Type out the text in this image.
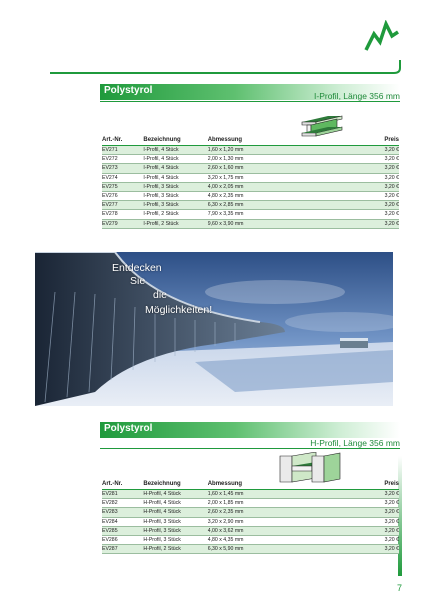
Polystyrol	I-Profil, Länge 356 mm
Art.-Nr.	Bezeichnung	Abmessung	Preis
EV271	I-Profil, 4 Stück	1,60 x 1,20 mm	3,20 €
EV272	I-Profil, 4 Stück	2,00 x 1,30 mm	3,20 €
EV273	I-Profil, 4 Stück	2,60 x 1,60 mm	3,20 €
EV274	I-Profil, 4 Stück	3,20 x 1,75 mm	3,20 €
EV275	I-Profil, 3 Stück	4,00 x 2,05 mm	3,20 €
EV276	I-Profil, 3 Stück	4,80 x 2,35 mm	3,20 €
EV277	I-Profil, 3 Stück	6,30 x 2,85 mm	3,20 €
EV278	I-Profil, 2 Stück	7,90 x 3,35 mm	3,20 €
EV279	I-Profil, 2 Stück	9,60 x 3,90 mm	3,20 €
Entdecken
Sie
die
Möglichkeiten!
Polystyrol
H-Profil, Länge 356 mm
Art.-Nr.	Bezeichnung	Abmessung	Preis
EV281	H-Profil, 4 Stück	1,60 x 1,45 mm	3,20 €
EV282	H-Profil, 4 Stück	2,00 x 1,85 mm	3,20 €
EV283	H-Profil, 4 Stück	2,60 x 2,35 mm	3,20 €
EV284	H-Profil, 3 Stück	3,20 x 2,90 mm	3,20 €
EV285	H-Profil, 3 Stück	4,00 x 3,62 mm	3,20 €
EV286	H-Profil, 3 Stück	4,80 x 4,35 mm	3,20 €
EV287	H-Profil, 2 Stück	6,30 x 5,90 mm	3,20 €
7
